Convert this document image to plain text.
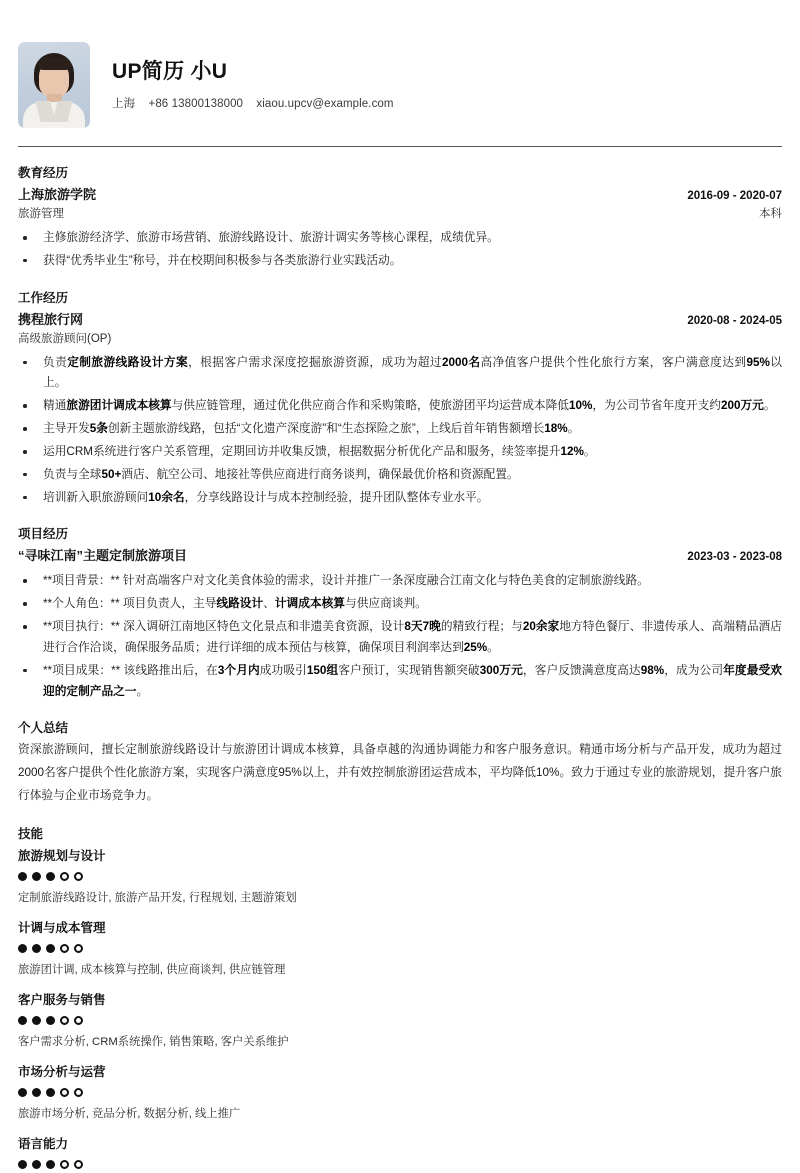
UP简历 小U
上海 +86 13800138000 xiaou.upcv@example.com
教育经历
上海旅游学院	2016-09 - 2020-07
旅游管理	本科
主修旅游经济学、旅游市场营销、旅游线路设计、旅游计调实务等核心课程，成绩优异。
获得“优秀毕业生”称号，并在校期间积极参与各类旅游行业实践活动。
工作经历
携程旅行网	2020-08 - 2024-05
高级旅游顾问(OP)
负责定制旅游线路设计方案，根据客户需求深度挖掘旅游资源，成功为超过2000名高净值客户提供个性化旅行方案，客户满意度达到95%以上。
精通旅游团计调成本核算与供应链管理，通过优化供应商合作和采购策略，使旅游团平均运营成本降低10%，为公司节省年度开支约200万元。
主导开发5条创新主题旅游线路，包括“文化遗产深度游”和“生态探险之旅”，上线后首年销售额增长18%。
运用CRM系统进行客户关系管理，定期回访并收集反馈，根据数据分析优化产品和服务，续签率提升12%。
负责与全球50+酒店、航空公司、地接社等供应商进行商务谈判，确保最优价格和资源配置。
培训新入职旅游顾问10余名，分享线路设计与成本控制经验，提升团队整体专业水平。
项目经历
“寻味江南”主题定制旅游项目	2023-03 - 2023-08
**项目背景：** 针对高端客户对文化美食体验的需求，设计并推广一条深度融合江南文化与特色美食的定制旅游线路。
**个人角色：** 项目负责人，主导线路设计、计调成本核算与供应商谈判。
**项目执行：** 深入调研江南地区特色文化景点和非遗美食资源，设计8天7晚的精致行程；与20余家地方特色餐厅、非遗传承人、高端精品酒店进行合作洽谈，确保服务品质；进行详细的成本预估与核算，确保项目利润率达到25%。
**项目成果：** 该线路推出后，在3个月内成功吸引150组客户预订，实现销售额突破300万元，客户反馈满意度高达98%，成为公司年度最受欢迎的定制产品之一。
个人总结
资深旅游顾问，擅长定制旅游线路设计与旅游团计调成本核算，具备卓越的沟通协调能力和客户服务意识。精通市场分析与产品开发，成功为超过2000名客户提供个性化旅游方案，实现客户满意度95%以上，并有效控制旅游团运营成本，平均降低10%。致力于通过专业的旅游规划，提升客户旅行体验与企业市场竞争力。
技能
旅游规划与设计
定制旅游线路设计, 旅游产品开发, 行程规划, 主题游策划
计调与成本管理
旅游团计调, 成本核算与控制, 供应商谈判, 供应链管理
客户服务与销售
客户需求分析, CRM系统操作, 销售策略, 客户关系维护
市场分析与运营
旅游市场分析, 竞品分析, 数据分析, 线上推广
语言能力
